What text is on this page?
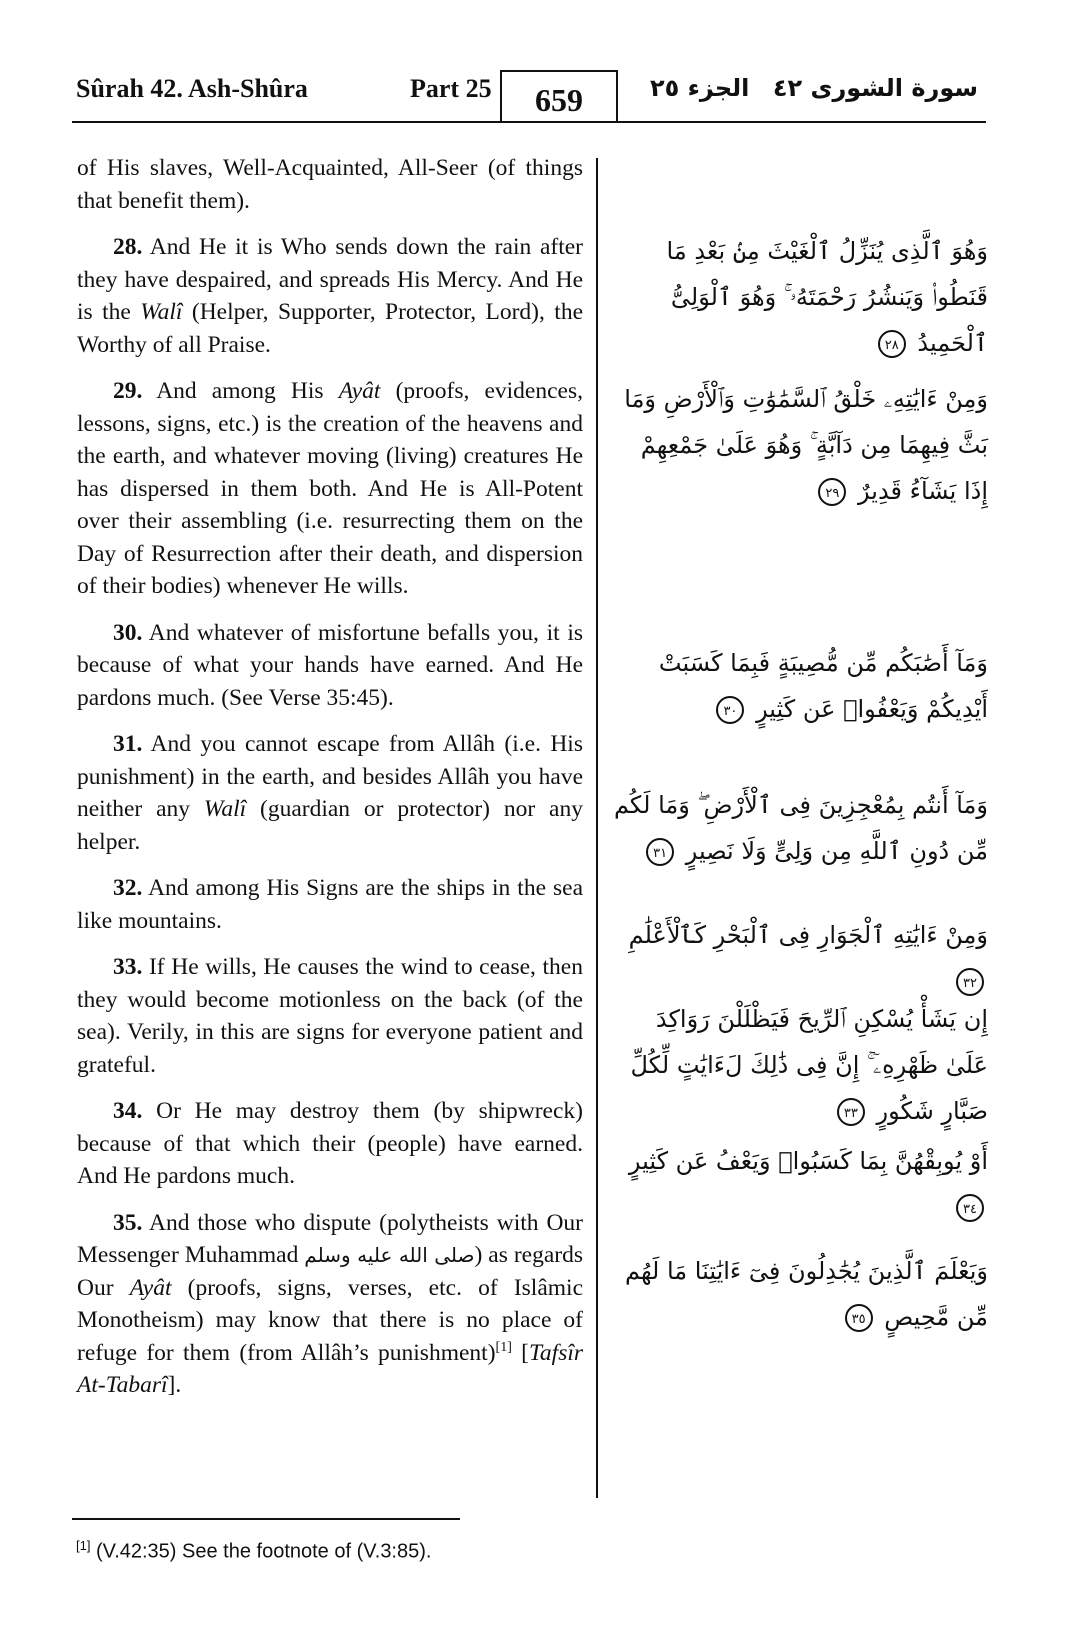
Sûrah 42. Ash-Shûra	Part 25	659	الجزء ٢٥ سورة الشورى ٤٢

of His slaves, Well-Acquainted, All-Seer (of things that benefit them).

28. And He it is Who sends down the rain after they have despaired, and spreads His Mercy. And He is the Walî (Helper, Supporter, Protector, Lord), the Worthy of all Praise.

29. And among His Ayât (proofs, evidences, lessons, signs, etc.) is the creation of the heavens and the earth, and whatever moving (living) creatures He has dispersed in them both. And He is All-Potent over their assembling (i.e. resurrecting them on the Day of Resurrection after their death, and dispersion of their bodies) whenever He wills.

30. And whatever of misfortune befalls you, it is because of what your hands have earned. And He pardons much. (See Verse 35:45).

31. And you cannot escape from Allâh (i.e. His punishment) in the earth, and besides Allâh you have neither any Walî (guardian or protector) nor any helper.

32. And among His Signs are the ships in the sea like mountains.

33. If He wills, He causes the wind to cease, then they would become motionless on the back (of the sea). Verily, in this are signs for everyone patient and grateful.

34. Or He may destroy them (by shipwreck) because of that which their (people) have earned. And He pardons much.

35. And those who dispute (polytheists with Our Messenger Muhammad صلى الله عليه وسلم) as regards Our Ayât (proofs, signs, verses, etc. of Islâmic Monotheism) may know that there is no place of refuge for them (from Allâh’s punishment)[1] [Tafsîr At-Tabarî].

وَهُوَ ٱلَّذِى يُنَزِّلُ ٱلْغَيْثَ مِنۢ بَعْدِ مَا قَنَطُوا۟ وَيَنشُرُ رَحْمَتَهُۥ ۚ وَهُوَ ٱلْوَلِىُّ ٱلْحَمِيدُ ٢٨
وَمِنْ ءَايَٰتِهِۦ خَلْقُ ٱلسَّمَٰوَٰتِ وَٱلْأَرْضِ وَمَا بَثَّ فِيهِمَا مِن دَآبَّةٍ ۚ وَهُوَ عَلَىٰ جَمْعِهِمْ إِذَا يَشَآءُ قَدِيرٌ ٢٩
وَمَآ أَصَٰبَكُم مِّن مُّصِيبَةٍ فَبِمَا كَسَبَتْ أَيْدِيكُمْ وَيَعْفُوا۟ عَن كَثِيرٍ ٣٠
وَمَآ أَنتُم بِمُعْجِزِينَ فِى ٱلْأَرْضِ ۖ وَمَا لَكُم مِّن دُونِ ٱللَّهِ مِن وَلِىٍّ وَلَا نَصِيرٍ ٣١
وَمِنْ ءَايَٰتِهِ ٱلْجَوَارِ فِى ٱلْبَحْرِ كَٱلْأَعْلَٰمِ ٣٢
إِن يَشَأْ يُسْكِنِ ٱلرِّيحَ فَيَظْلَلْنَ رَوَاكِدَ عَلَىٰ ظَهْرِهِۦٓ ۚ إِنَّ فِى ذَٰلِكَ لَءَايَٰتٍ لِّكُلِّ صَبَّارٍ شَكُورٍ ٣٣
أَوْ يُوبِقْهُنَّ بِمَا كَسَبُوا۟ وَيَعْفُ عَن كَثِيرٍ ٣٤
وَيَعْلَمَ ٱلَّذِينَ يُجَٰدِلُونَ فِىٓ ءَايَٰتِنَا مَا لَهُم مِّن مَّحِيصٍ ٣٥
[1] (V.42:35) See the footnote of (V.3:85).
